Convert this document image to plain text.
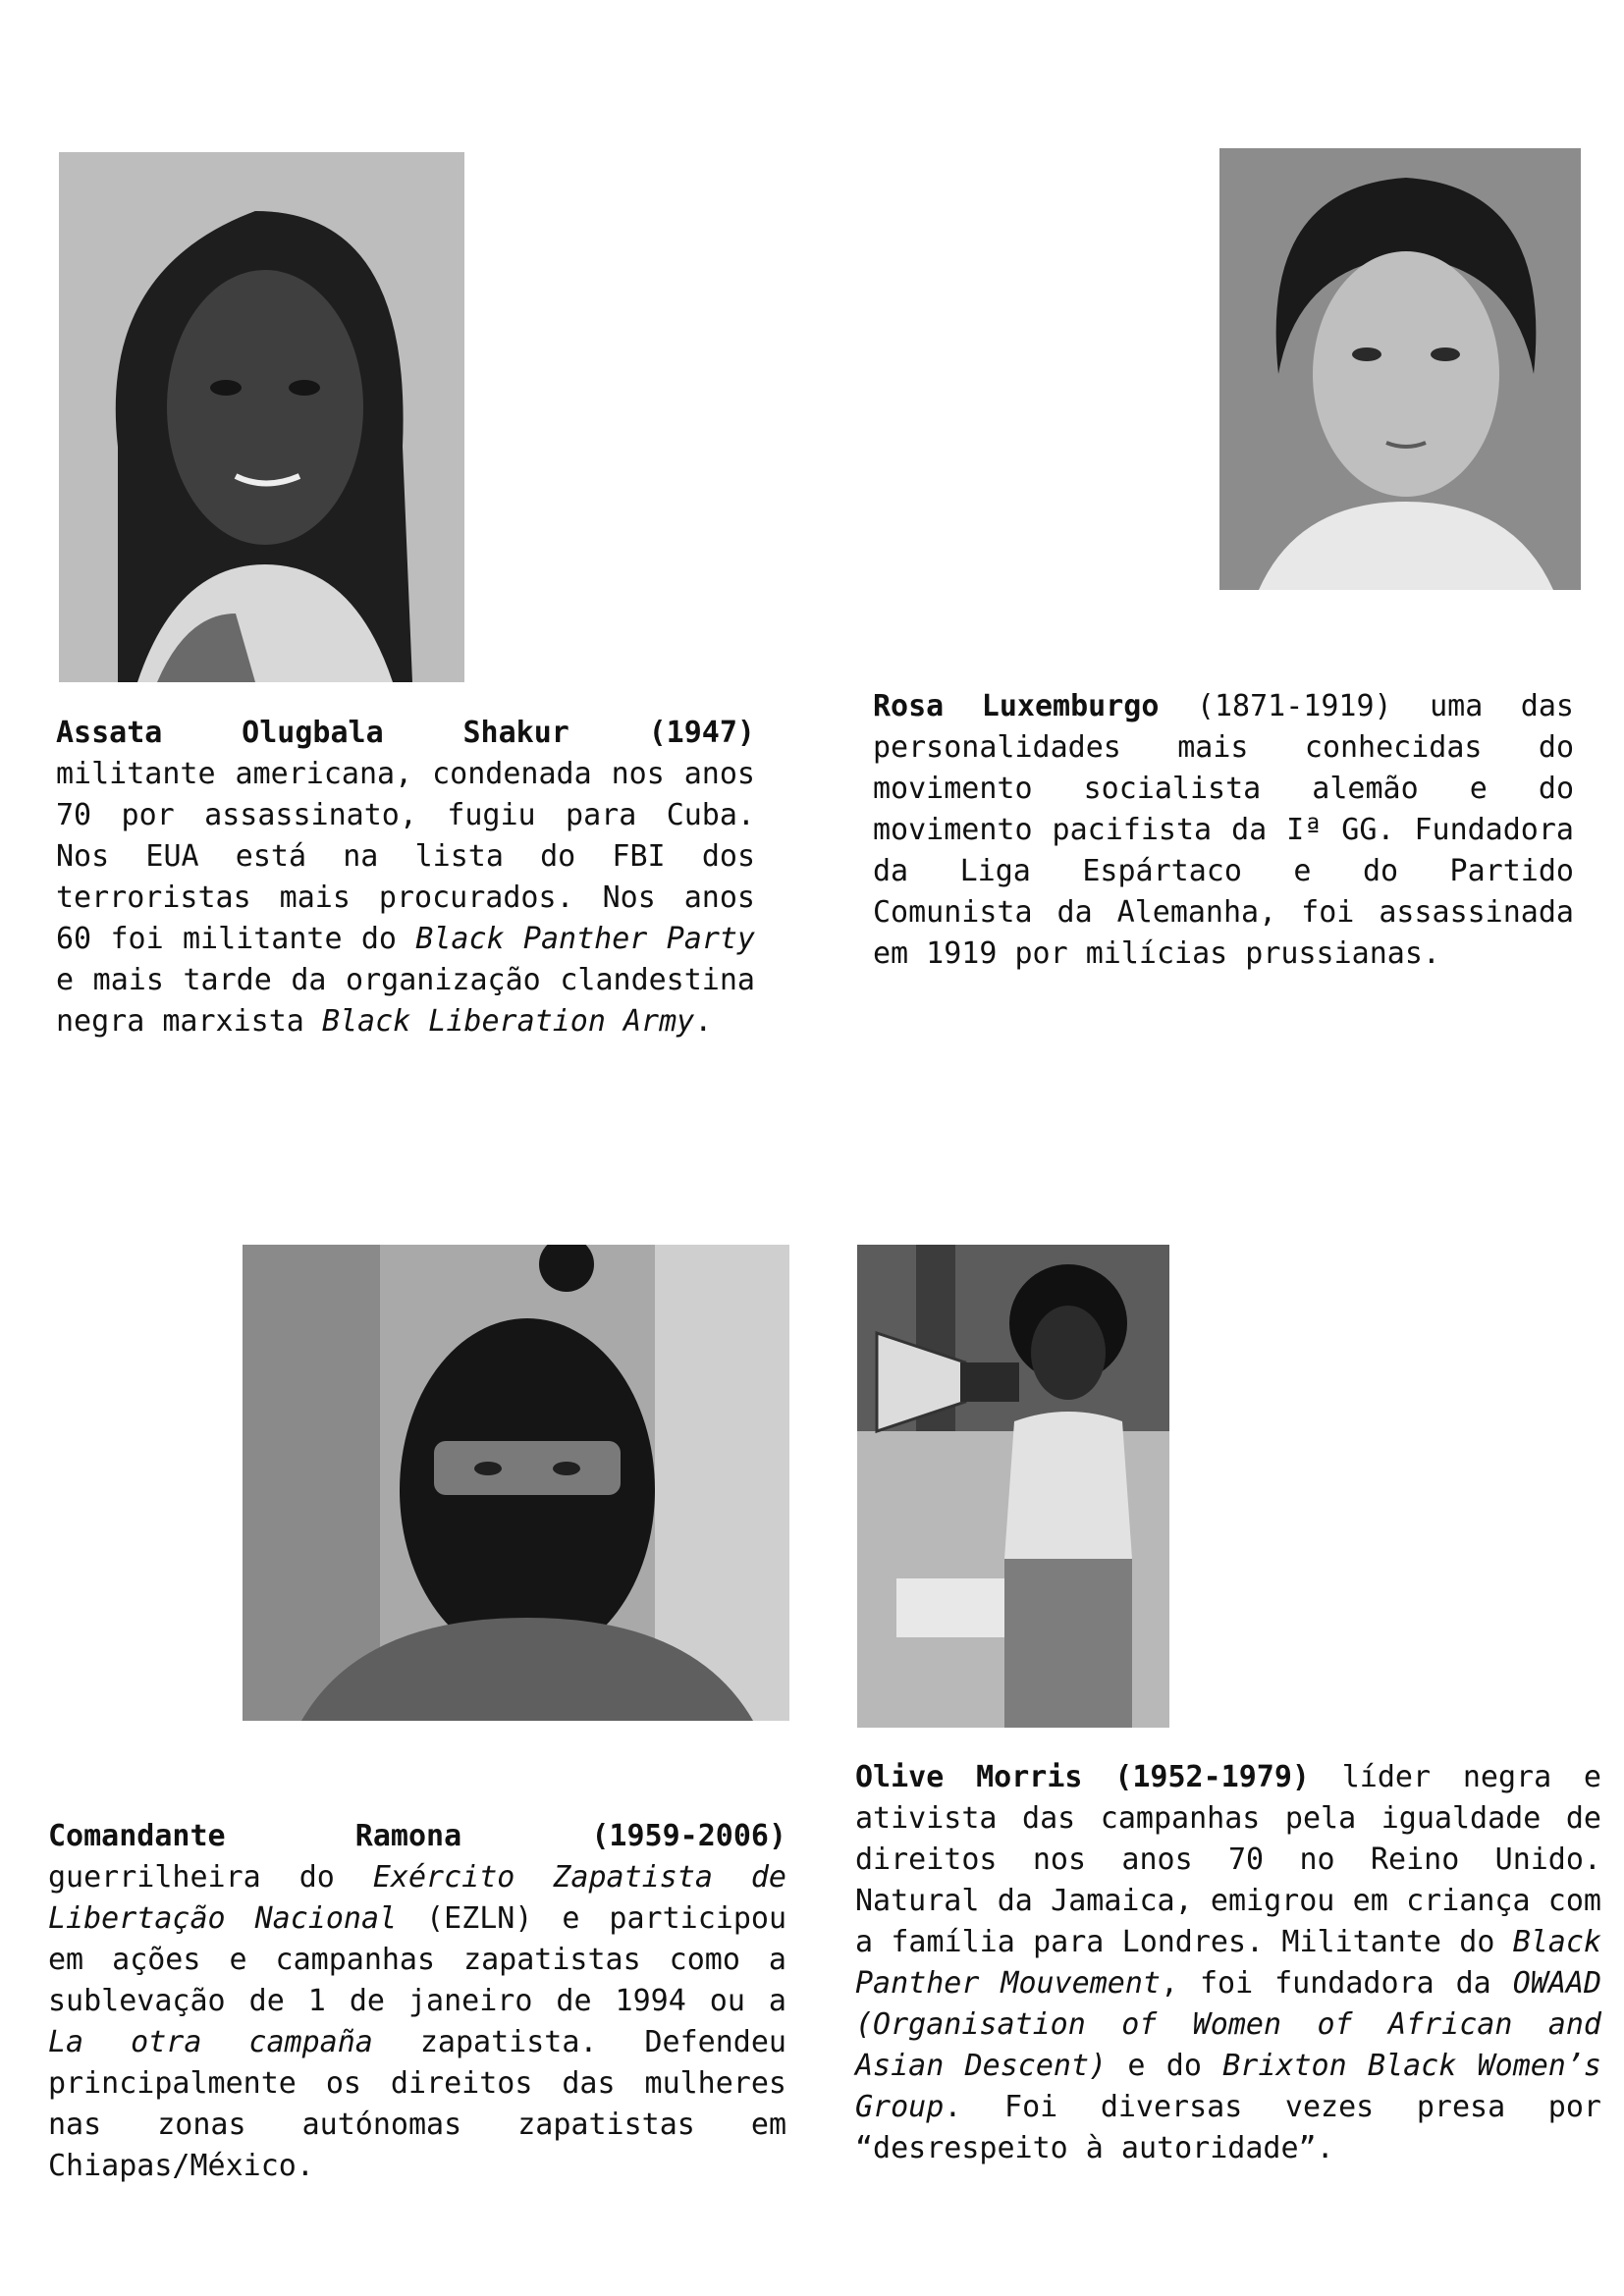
Assata Olugbala Shakur	(1947)
militante americana, condenada nos anos 70 por assassinato, fugiu para Cuba. Nos EUA está na lista do FBI dos terroristas mais procurados. Nos anos 60 foi militante do Black Panther Party e mais tarde da organização clandestina negra marxista Black Liberation Army.

Rosa Luxemburgo (1871-1919) uma das personalidades mais conhecidas do movimento socialista alemão e do movimento pacifista da Iª GG. Fundadora da Liga Espártaco e do Partido Comunista da Alemanha, foi assassinada em 1919 por milícias prussianas.

Comandante Ramona	(1959-2006)
guerrilheira do Exército Zapatista de Libertação Nacional (EZLN) e participou em ações e campanhas zapatistas como a sublevação de 1 de janeiro de 1994 ou a La otra campaña zapatista. Defendeu principalmente os direitos das mulheres nas zonas autónomas zapatistas em Chiapas/México.

Olive Morris (1952-1979) líder negra e ativista das campanhas pela igualdade de direitos nos anos 70 no Reino Unido. Natural da Jamaica, emigrou em criança com a família para Londres. Militante do Black Panther Mouvement, foi fundadora da OWAAD (Organisation of Women of African and Asian Descent) e do Brixton Black Women’s Group. Foi diversas vezes presa por “desrespeito à autoridade”.
